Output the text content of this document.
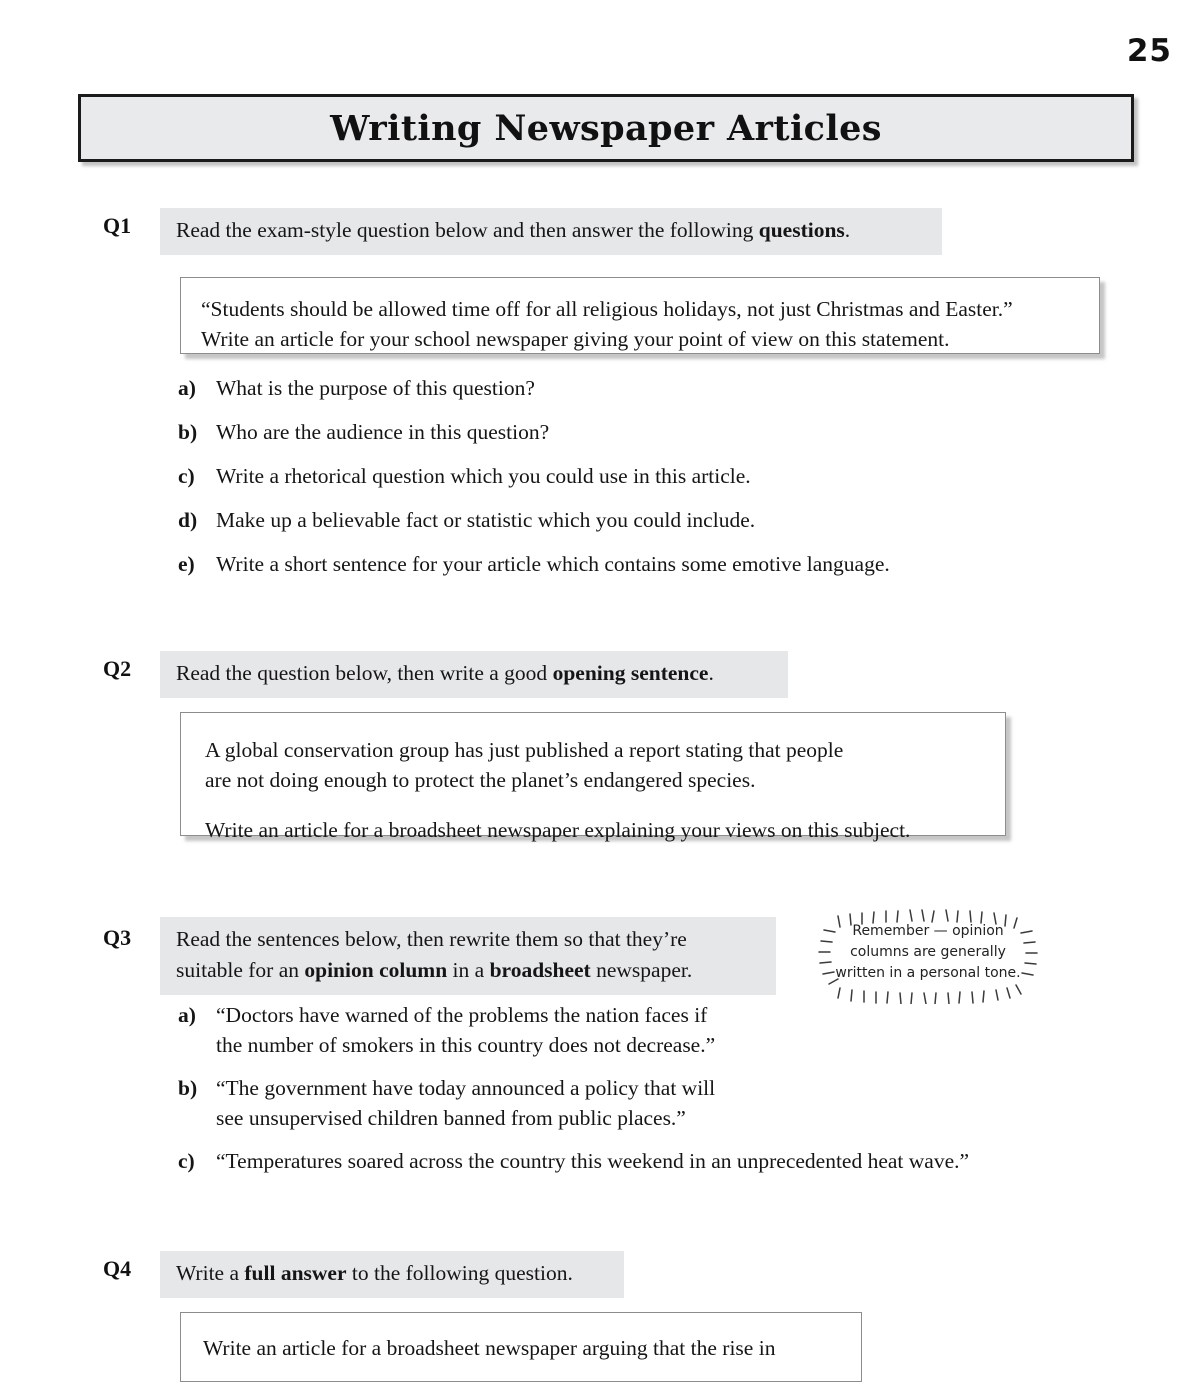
25
Writing Newspaper Articles
Q1	Read the exam-style question below and then answer the following questions.

“Students should be allowed time off for all religious holidays, not just Christmas and Easter.”

Write an article for your school newspaper giving your point of view on this statement.

a) What is the purpose of this question?
b) Who are the audience in this question?
c) Write a rhetorical question which you could use in this article.
d) Make up a believable fact or statistic which you could include.
e) Write a short sentence for your article which contains some emotive language.
Q2	Read the question below, then write a good opening sentence.

A global conservation group has just published a report stating that people
are not doing enough to protect the planet’s endangered species.

Write an article for a broadsheet newspaper explaining your views on this subject.

Q3	Read the sentences below, then rewrite them so that they’re
suitable for an opinion column in a broadsheet newspaper.
Remember — opinion
columns are generally
written in a personal tone.
a) “Doctors have warned of the problems the nation faces if
the number of smokers in this country does not decrease.”
b) “The government have today announced a policy that will
see unsupervised children banned from public places.”
c) “Temperatures soared across the country this weekend in an unprecedented heat wave.”
Q4	Write a full answer to the following question.

Write an article for a broadsheet newspaper arguing that the rise in
